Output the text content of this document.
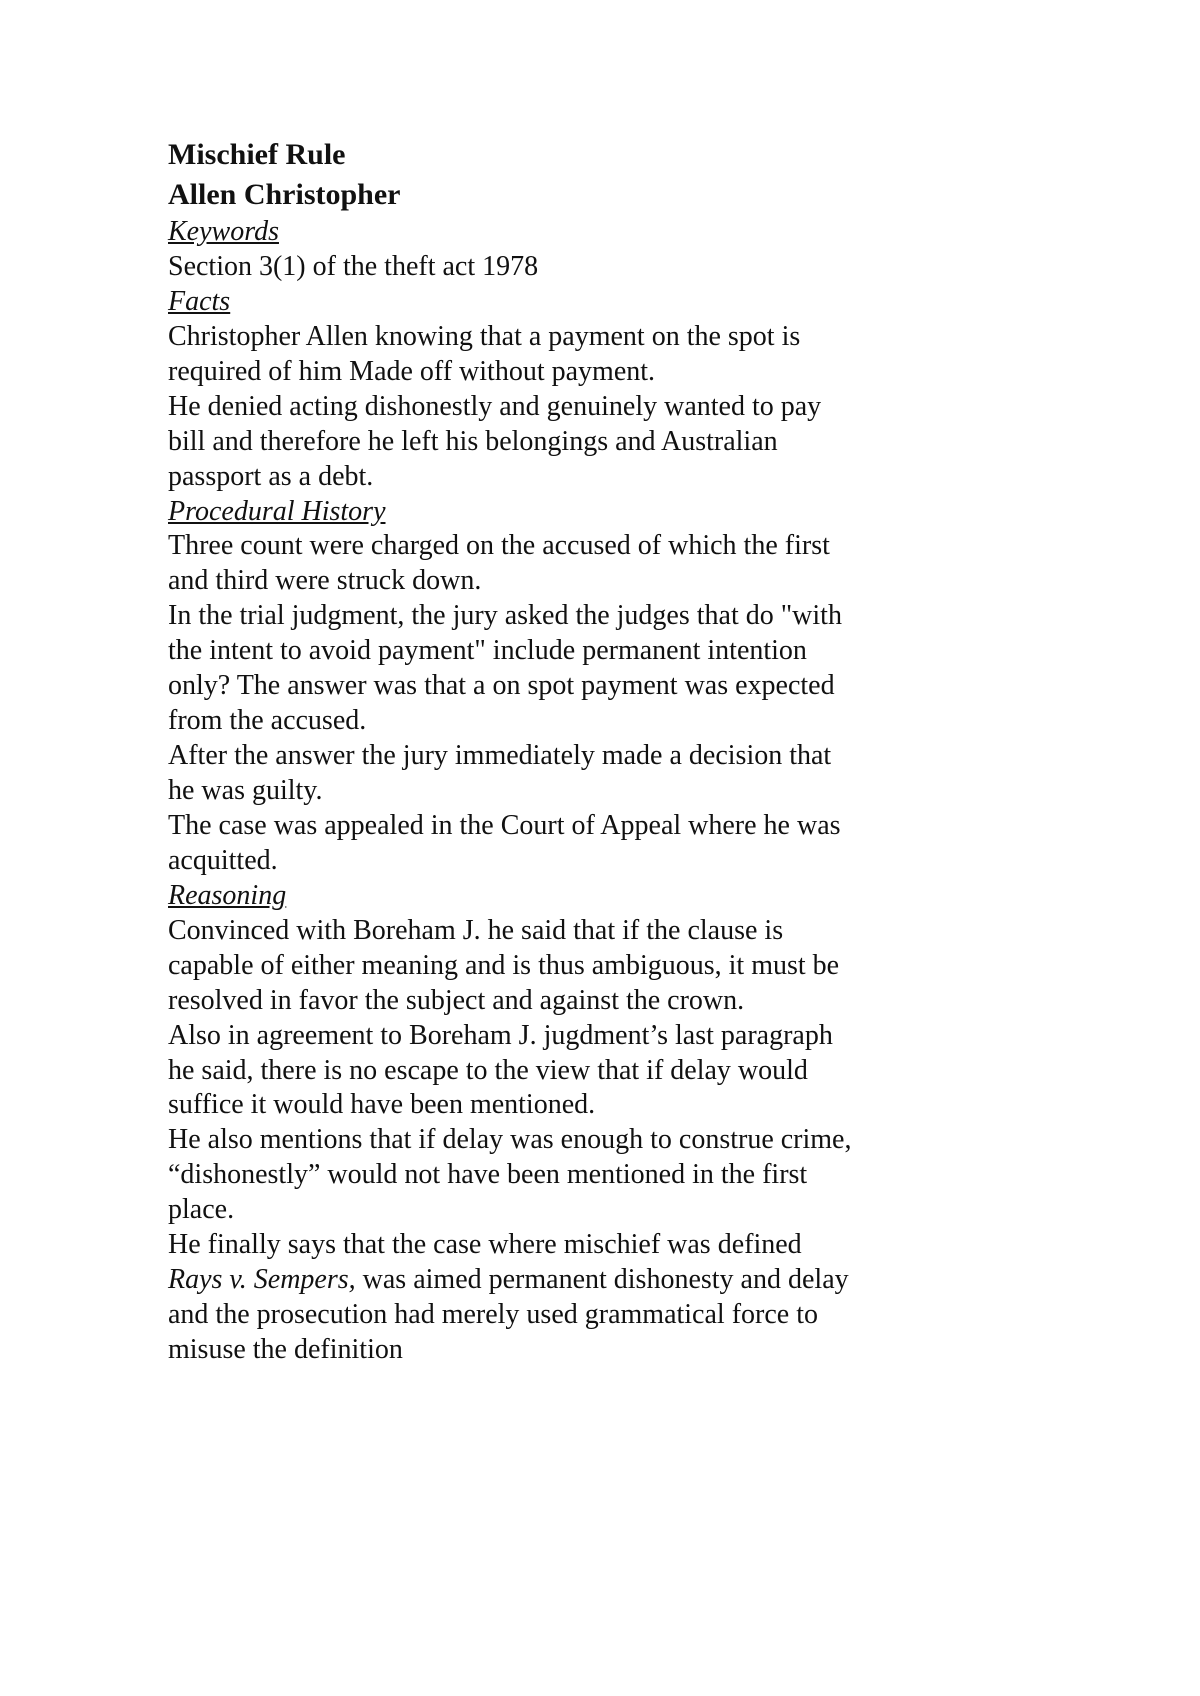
Mischief Rule
Allen Christopher
Keywords
Section 3(1) of the theft act 1978
Facts
Christopher Allen knowing that a payment on the spot is
required of him Made off without payment.
He denied acting dishonestly and genuinely wanted to pay
bill and therefore he left his belongings and Australian
passport as a debt.
Procedural History
Three count were charged on the accused of which the first
and third were struck down.
In the trial judgment, the jury asked the judges that do "with
the intent to avoid payment" include permanent intention
only? The answer was that a on spot payment was expected
from the accused.
After the answer the jury immediately made a decision that
he was guilty.
The case was appealed in the Court of Appeal where he was
acquitted.
Reasoning
Convinced with Boreham J. he said that if the clause is
capable of either meaning and is thus ambiguous, it must be
resolved in favor the subject and against the crown.
Also in agreement to Boreham J. jugdment’s last paragraph
he said, there is no escape to the view that if delay would
suffice it would have been mentioned.
He also mentions that if delay was enough to construe crime,
“dishonestly” would not have been mentioned in the first
place.
He finally says that the case where mischief was defined
Rays v. Sempers, was aimed permanent dishonesty and delay
and the prosecution had merely used grammatical force to
misuse the definition
